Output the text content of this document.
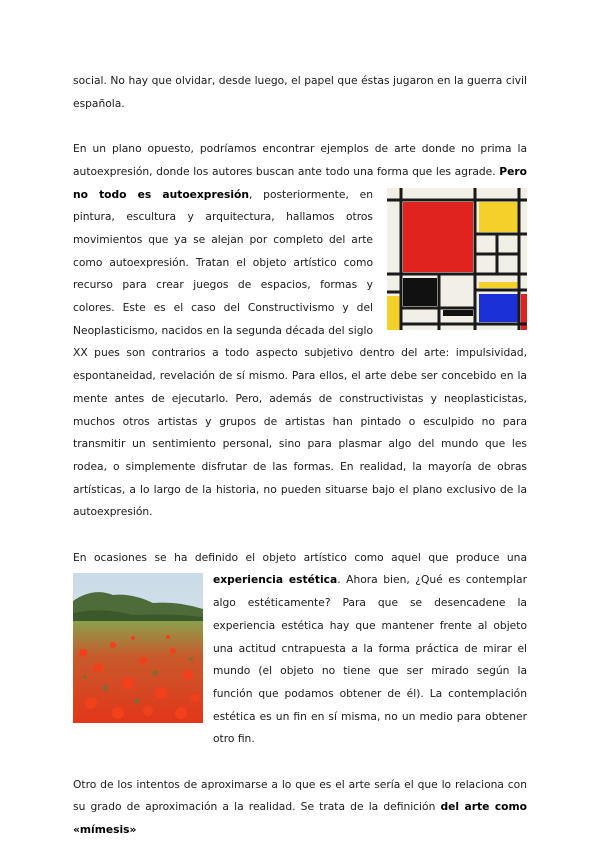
social. No hay que olvidar, desde luego, el papel que éstas jugaron en la guerra civil española.

En un plano opuesto, podríamos encontrar ejemplos de arte donde no prima la autoexpresión, donde los autores buscan ante todo una forma que les agrade.
Pero no todo es autoexpresión, posteriormente, en pintura, escultura y arquitectura, hallamos otros movimientos que ya se alejan por completo del arte como autoexpresión. Tratan el objeto artístico como recurso para crear juegos de espacios, formas y colores. Este es el caso del Constructivismo y del Neoplasticismo, nacidos en la segunda década del siglo XX pues son contrarios a todo aspecto subjetivo dentro del arte: impulsividad, espontaneidad, revelación de sí mismo. Para ellos, el arte debe ser concebido en la mente antes de ejecutarlo. Pero, además de constructivistas y neoplasticistas, muchos otros artistas y grupos de artistas han pintado o esculpido no para transmitir un sentimiento personal, sino para plasmar algo del mundo que les rodea, o simplemente disfrutar de las formas. En realidad, la mayoría de obras artísticas, a lo largo de la historia, no pueden situarse bajo el plano exclusivo de la autoexpresión.

En ocasiones se ha definido el objeto artístico como aquel que produce una
experiencia estética. Ahora bien, ¿Qué es contemplar algo estéticamente? Para que se desencadene la experiencia estética hay que mantener frente al objeto una actitud cntrapuesta a la forma práctica de mirar el mundo (el objeto no tiene que ser mirado según la función que podamos obtener de él). La contemplación estética es un fin en sí misma, no un medio para obtener otro fin.

Otro de los intentos de aproximarse a lo que es el arte sería el que lo relaciona con su grado de aproximación a la realidad. Se trata de la definición del arte como «mímesis»
